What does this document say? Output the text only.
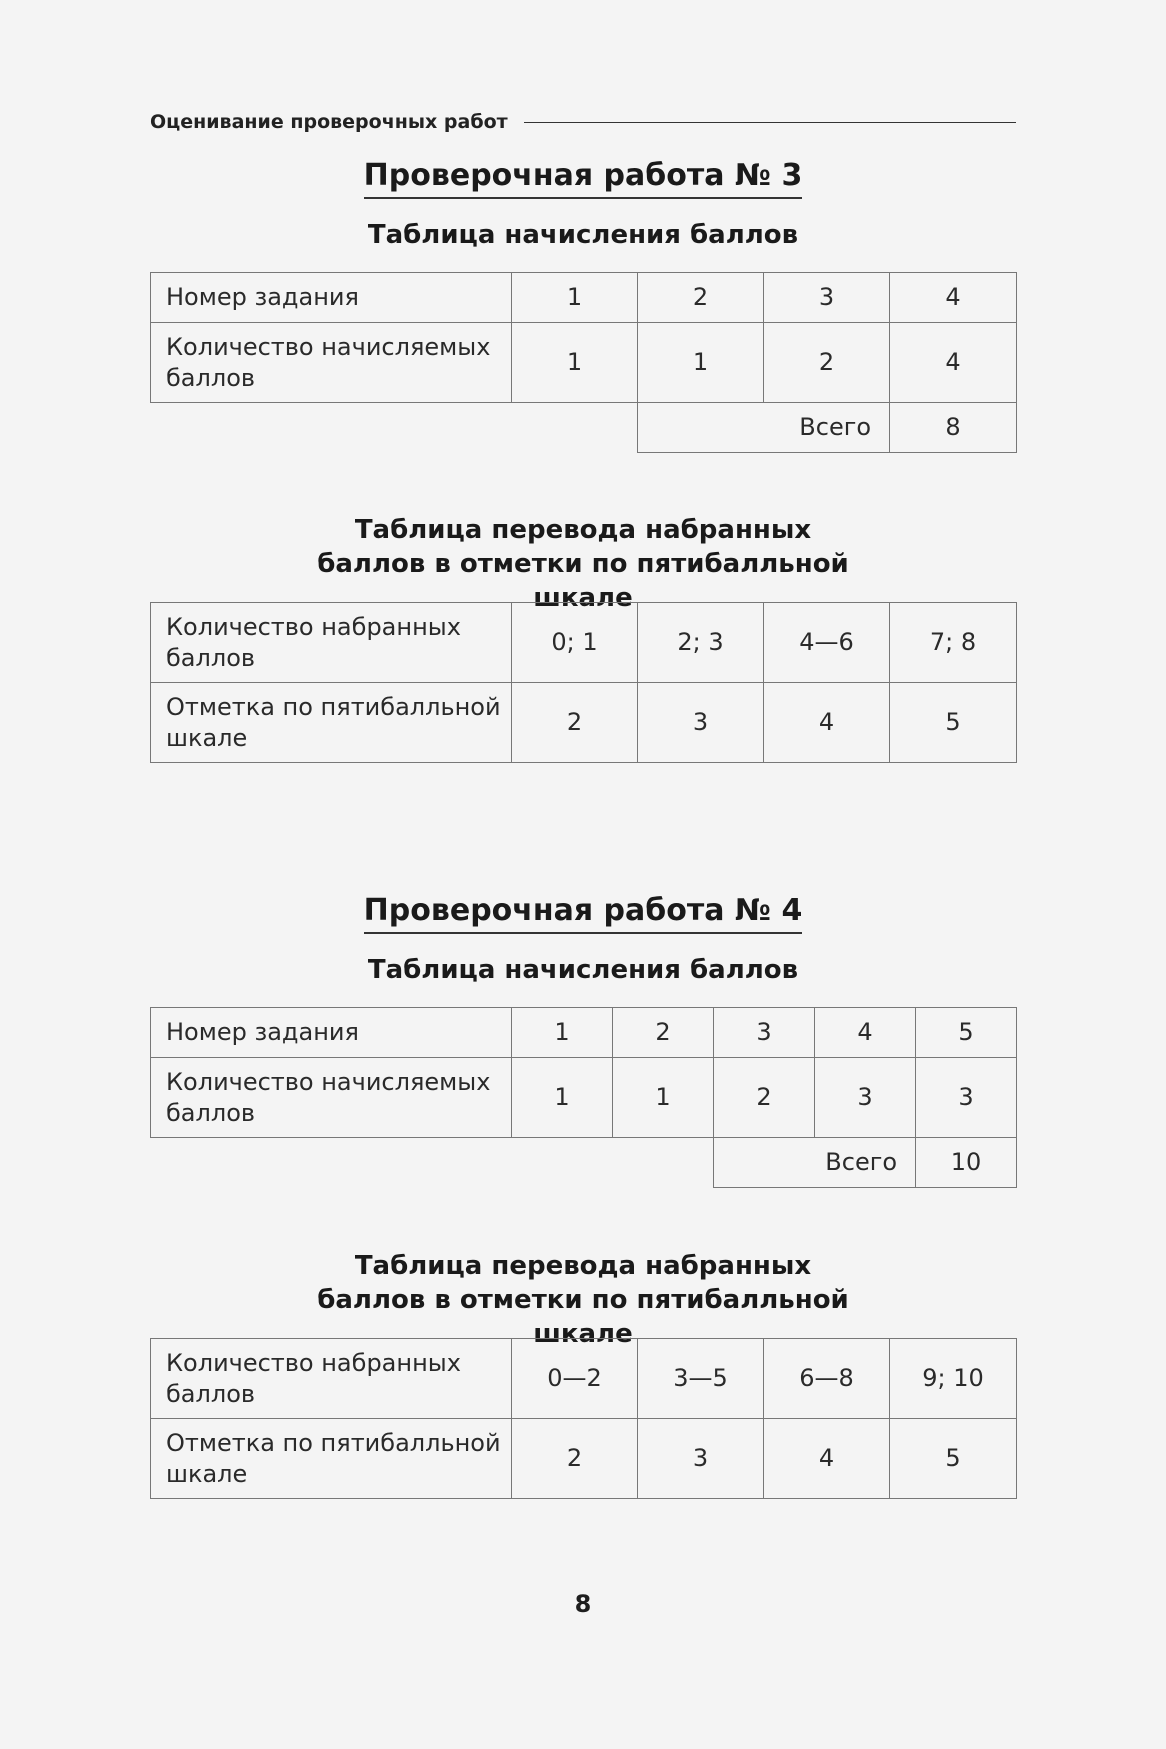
Оценивание проверочных работ
Проверочная работа № 3
Таблица начисления баллов
Номер задания	1	2	3	4
Количество начисляемых баллов	1	1	2	4
		Всего		8
Таблица перевода набранных баллов в отметки по пятибалльной шкале
Количество набранных баллов	0; 1	2; 3	4—6	7; 8
Отметка по пятибалльной шкале	2	3	4	5
Проверочная работа № 4
Таблица начисления баллов
Номер задания	1	2	3	4	5
Количество начисляемых баллов	1	1	2	3	3
			Всего		10
Таблица перевода набранных баллов в отметки по пятибалльной шкале
Количество набранных баллов	0—2	3—5	6—8	9; 10
Отметка по пятибалльной шкале	2	3	4	5
8
